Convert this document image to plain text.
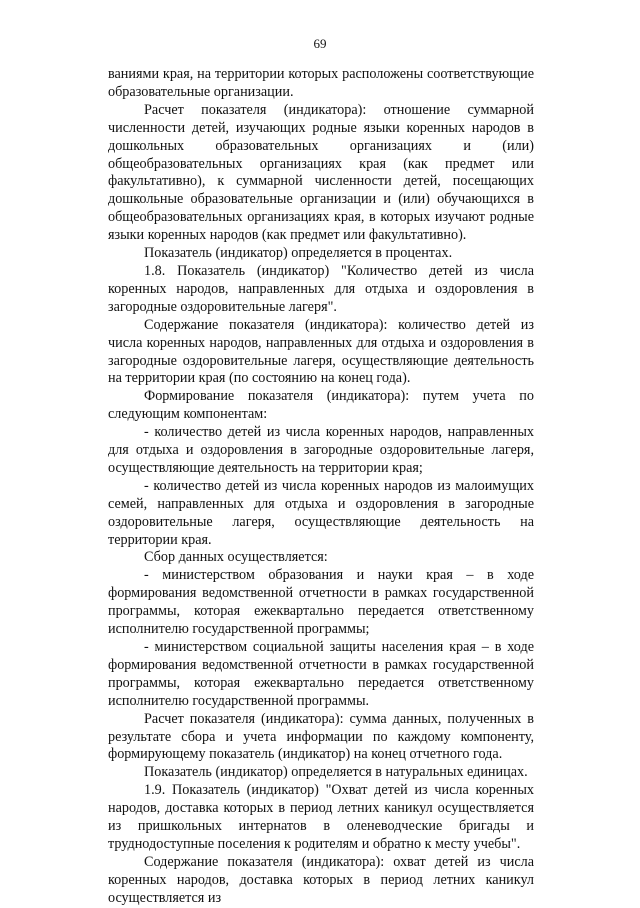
69

ваниями края, на территории которых расположены соответствующие образовательные организации.

Расчет показателя (индикатора): отношение суммарной численности детей, изучающих родные языки коренных народов в дошкольных образовательных организациях и (или) общеобразовательных организациях края (как предмет или факультативно), к суммарной численности детей, посещающих дошкольные образовательные организации и (или) обучающихся в общеобразовательных организациях края, в которых изучают родные языки коренных народов (как предмет или факультативно).

Показатель (индикатор) определяется в процентах.

1.8. Показатель (индикатор) "Количество детей из числа коренных народов, направленных для отдыха и оздоровления в загородные оздоровительные лагеря".

Содержание показателя (индикатора): количество детей из числа коренных народов, направленных для отдыха и оздоровления в загородные оздоровительные лагеря, осуществляющие деятельность на территории края (по состоянию на конец года).

Формирование показателя (индикатора): путем учета по следующим компонентам:

- количество детей из числа коренных народов, направленных для отдыха и оздоровления в загородные оздоровительные лагеря, осуществляющие деятельность на территории края;

- количество детей из числа коренных народов из малоимущих семей, направленных для отдыха и оздоровления в загородные оздоровительные лагеря, осуществляющие деятельность на территории края.

Сбор данных осуществляется:

- министерством образования и науки края – в ходе формирования ведомственной отчетности в рамках государственной программы, которая ежеквартально передается ответственному исполнителю государственной программы;

- министерством социальной защиты населения края – в ходе формирования ведомственной отчетности в рамках государственной программы, которая ежеквартально передается ответственному исполнителю государственной программы.

Расчет показателя (индикатора): сумма данных, полученных в результате сбора и учета информации по каждому компоненту, формирующему показатель (индикатор) на конец отчетного года.

Показатель (индикатор) определяется в натуральных единицах.

1.9. Показатель (индикатор) "Охват детей из числа коренных народов, доставка которых в период летних каникул осуществляется из пришкольных интернатов в оленеводческие бригады и труднодоступные поселения к родителям и обратно к месту учебы".

Содержание показателя (индикатора): охват детей из числа коренных народов, доставка которых в период летних каникул осуществляется из
